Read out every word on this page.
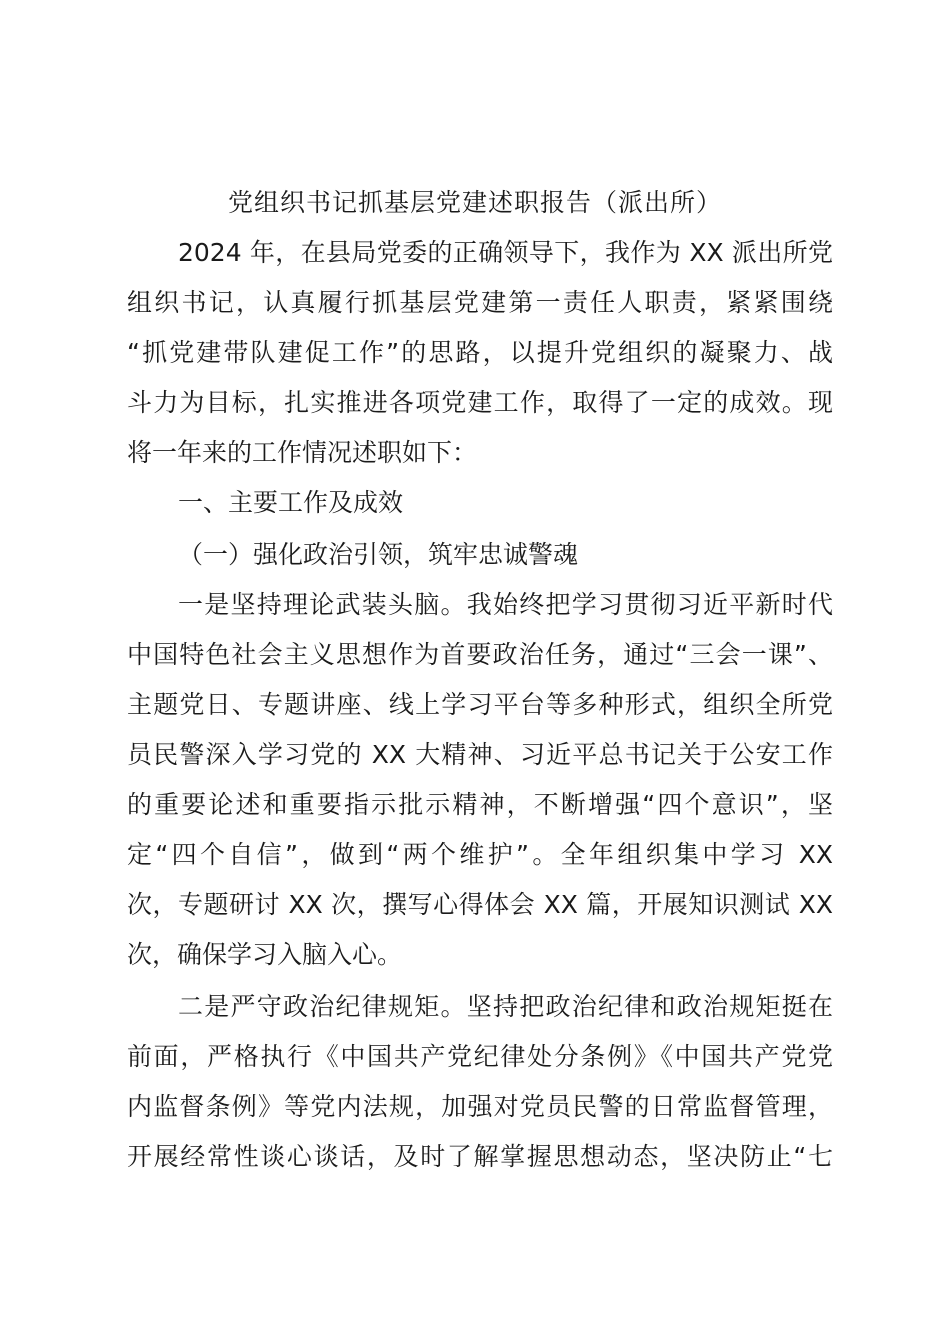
党组织书记抓基层党建述职报告（派出所）
2024 年，在县局党委的正确领导下，我作为 XX 派出所党
组织书记，认真履行抓基层党建第一责任人职责，紧紧围绕
“抓党建带队建促工作”的思路，以提升党组织的凝聚力、战
斗力为目标，扎实推进各项党建工作，取得了一定的成效。现
将一年来的工作情况述职如下：
一、主要工作及成效
（一）强化政治引领，筑牢忠诚警魂
一是坚持理论武装头脑。我始终把学习贯彻习近平新时代
中国特色社会主义思想作为首要政治任务，通过“三会一课”、
主题党日、专题讲座、线上学习平台等多种形式，组织全所党
员民警深入学习党的 XX 大精神、习近平总书记关于公安工作
的重要论述和重要指示批示精神，不断增强“四个意识”，坚
定“四个自信”，做到“两个维护”。全年组织集中学习 XX
次，专题研讨 XX 次，撰写心得体会 XX 篇，开展知识测试 XX
次，确保学习入脑入心。
二是严守政治纪律规矩。坚持把政治纪律和政治规矩挺在
前面，严格执行《中国共产党纪律处分条例》《中国共产党党
内监督条例》等党内法规，加强对党员民警的日常监督管理，
开展经常性谈心谈话，及时了解掌握思想动态，坚决防止“七
